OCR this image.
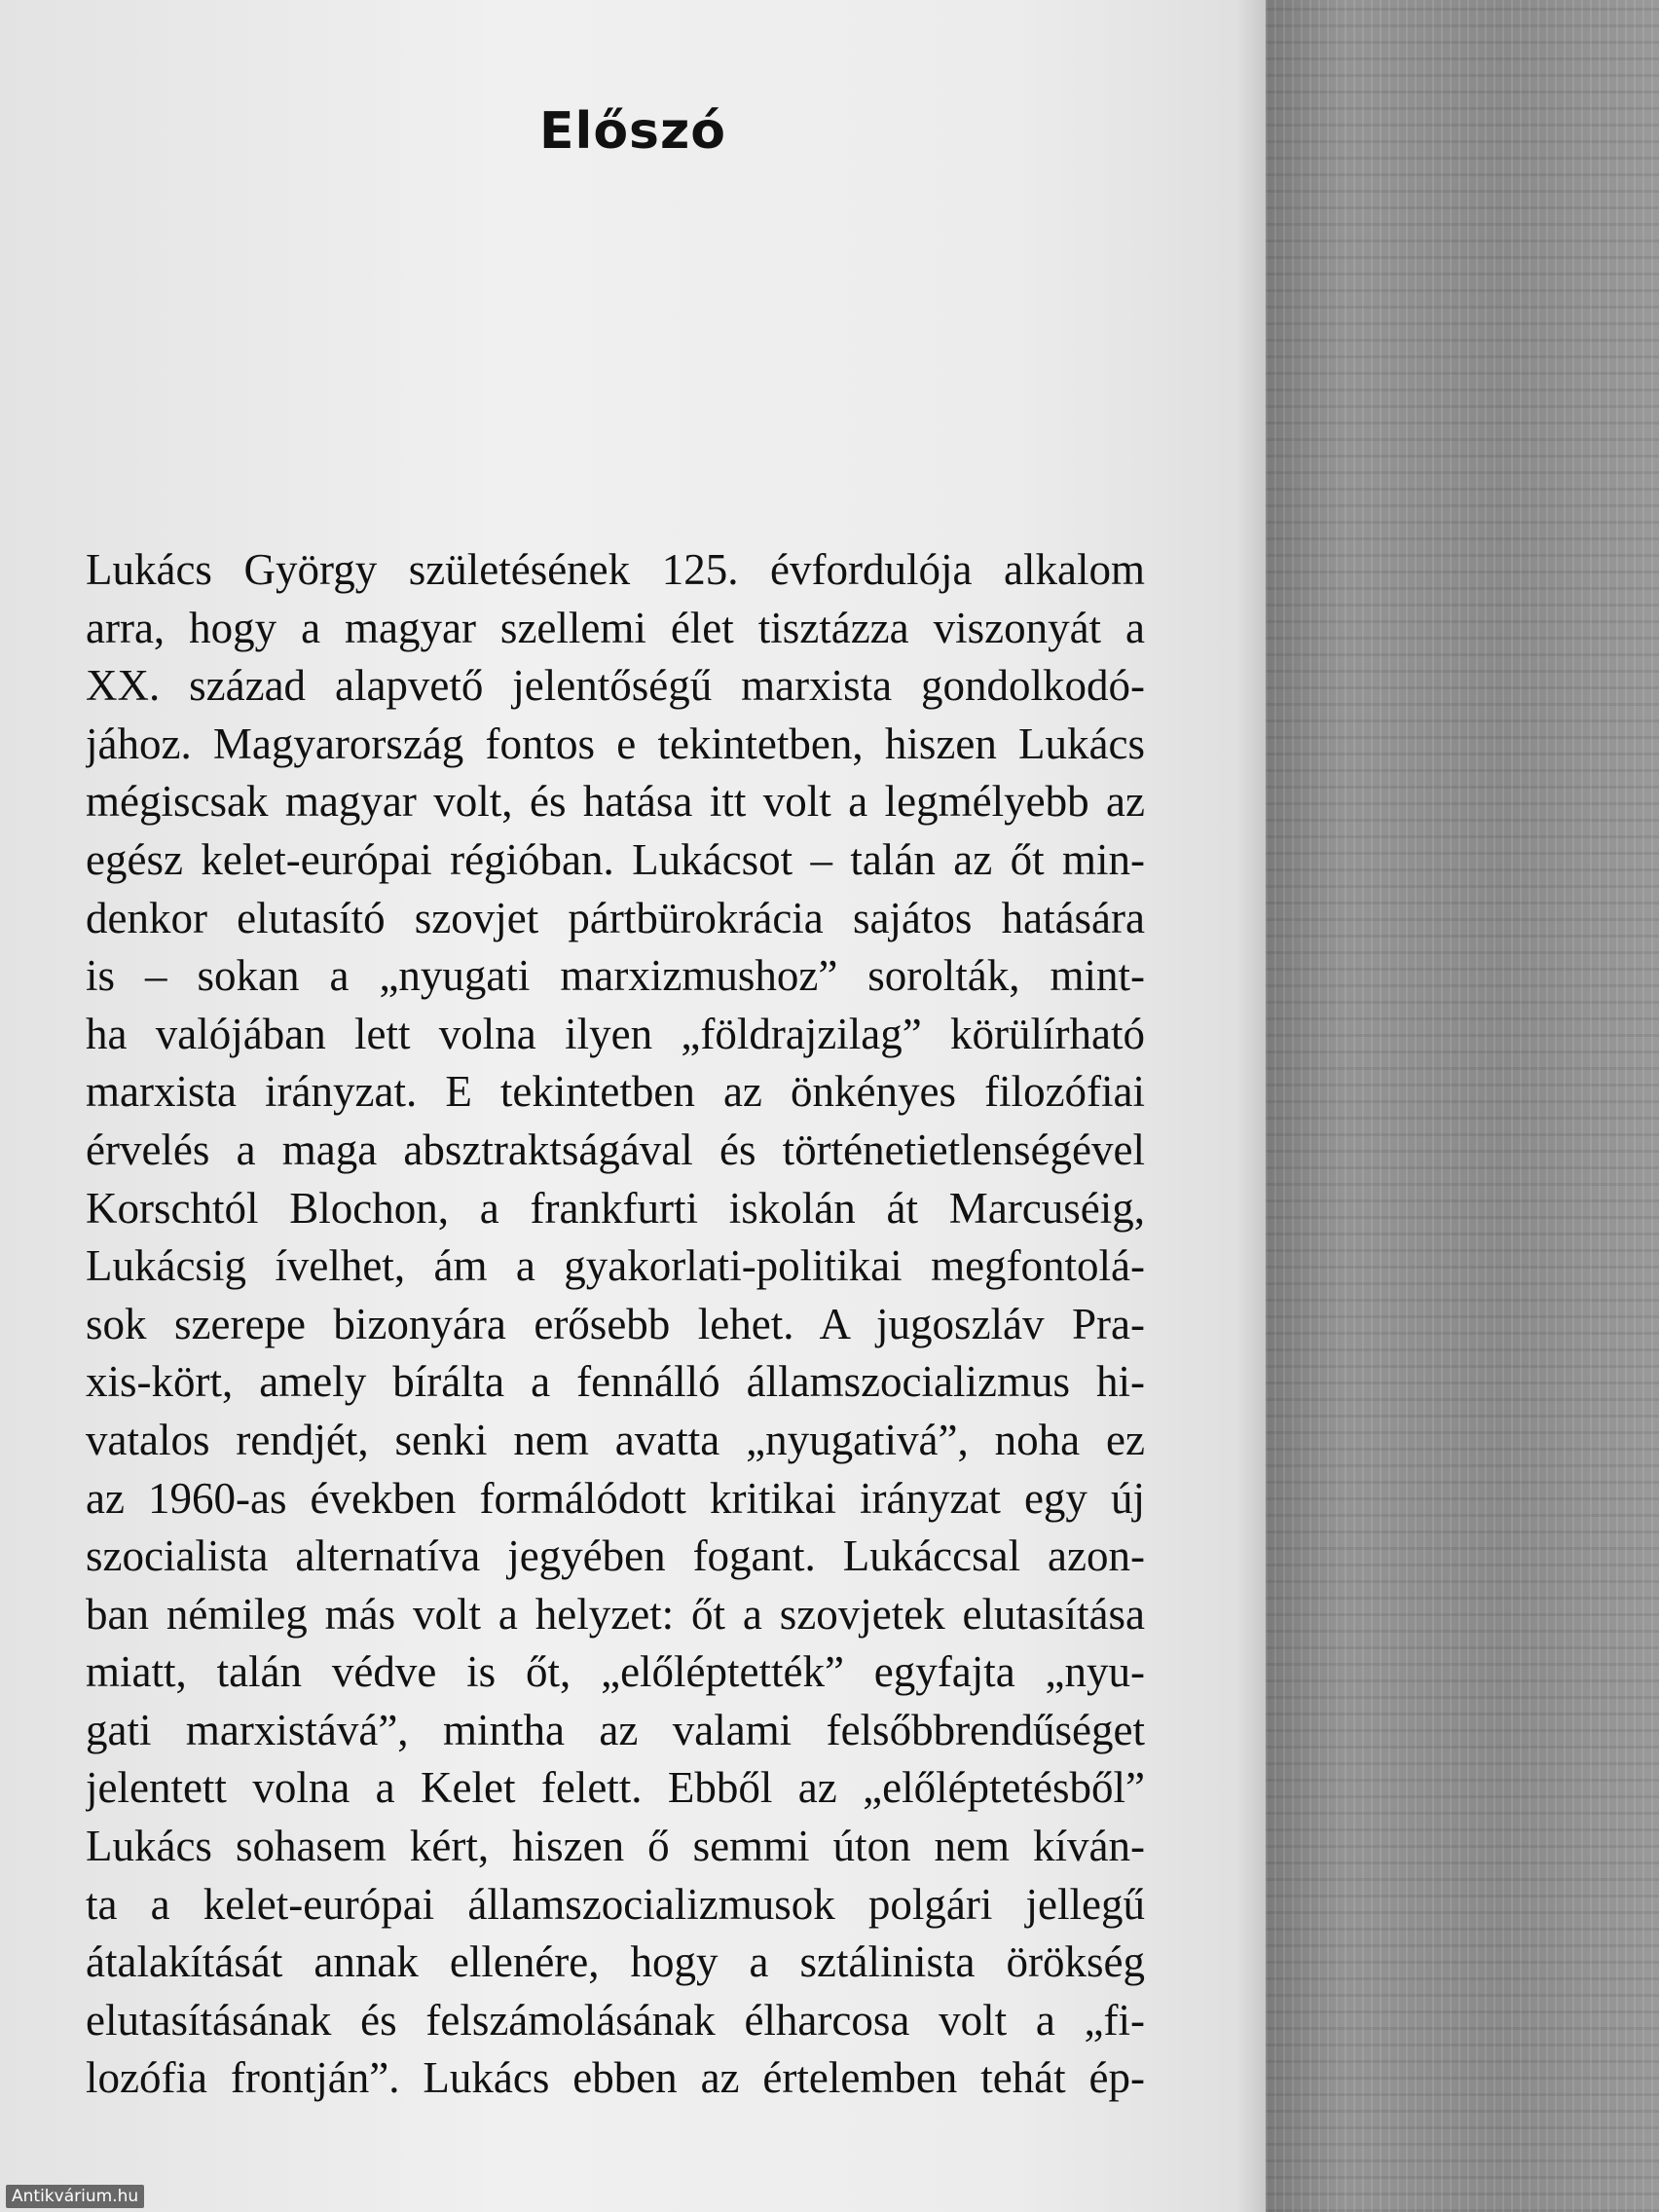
Előszó
Lukács György születésének 125. évfordulója alkalom
arra, hogy a magyar szellemi élet tisztázza viszonyát a
XX. század alapvető jelentőségű marxista gondolkodó-
jához. Magyarország fontos e tekintetben, hiszen Lukács
mégiscsak magyar volt, és hatása itt volt a legmélyebb az
egész kelet-európai régióban. Lukácsot – talán az őt min-
denkor elutasító szovjet pártbürokrácia sajátos hatására
is – sokan a „nyugati marxizmushoz” sorolták, mint-
ha valójában lett volna ilyen „földrajzilag” körülírható
marxista irányzat. E tekintetben az önkényes filozófiai
érvelés a maga absztraktságával és történetietlenségével
Korschtól Blochon, a frankfurti iskolán át Marcuséig,
Lukácsig ívelhet, ám a gyakorlati-politikai megfontolá-
sok szerepe bizonyára erősebb lehet. A jugoszláv Pra-
xis-kört, amely bírálta a fennálló államszocializmus hi-
vatalos rendjét, senki nem avatta „nyugativá”, noha ez
az 1960-as években formálódott kritikai irányzat egy új
szocialista alternatíva jegyében fogant. Lukáccsal azon-
ban némileg más volt a helyzet: őt a szovjetek elutasítása
miatt, talán védve is őt, „előléptették” egyfajta „nyu-
gati marxistává”, mintha az valami felsőbbrendűséget
jelentett volna a Kelet felett. Ebből az „előléptetésből”
Lukács sohasem kért, hiszen ő semmi úton nem kíván-
ta a kelet-európai államszocializmusok polgári jellegű
átalakítását annak ellenére, hogy a sztálinista örökség
elutasításának és felszámolásának élharcosa volt a „fi-
lozófia frontján”. Lukács ebben az értelemben tehát ép-
Antikvárium.hu
